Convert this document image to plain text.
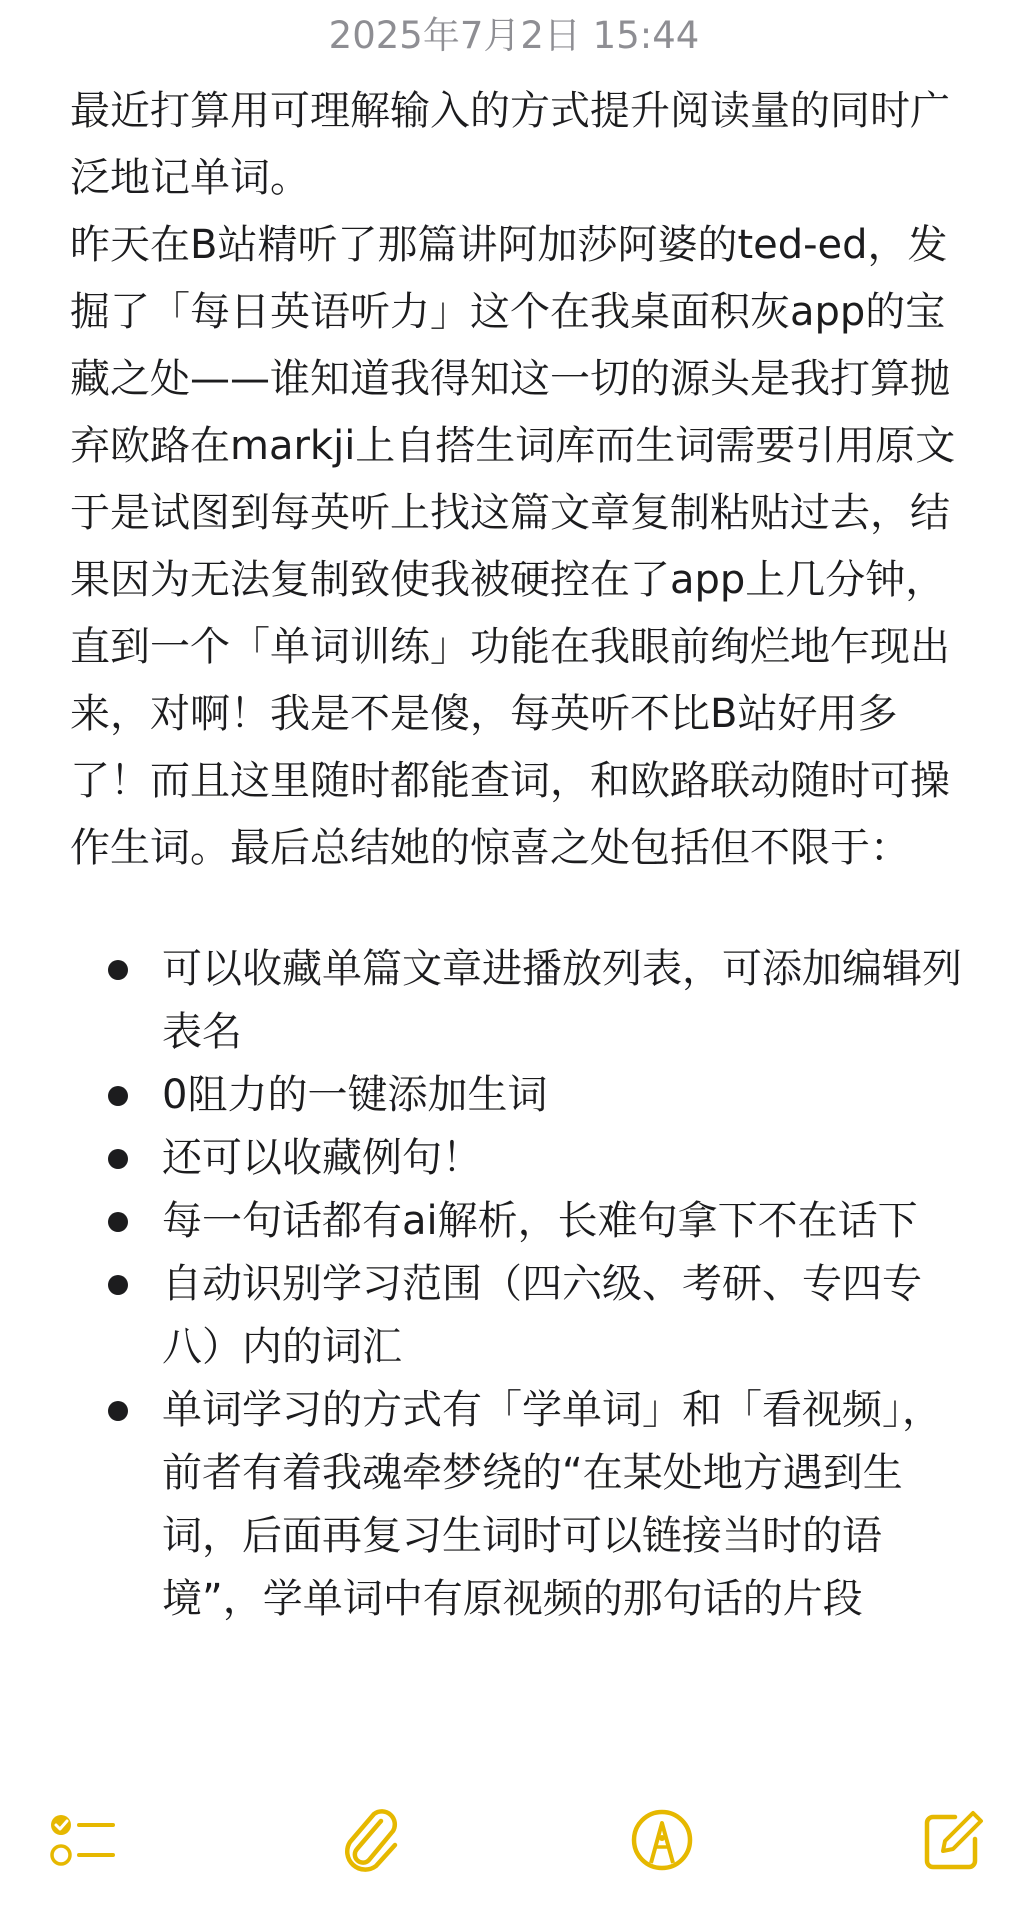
2025年7月2日 15:44

最近打算用可理解输入的方式提升阅读量的同时广泛地记单词。

昨天在B站精听了那篇讲阿加莎阿婆的ted-ed，发掘了「每日英语听力」这个在我桌面积灰app的宝藏之处——谁知道我得知这一切的源头是我打算抛弃欧路在markji上自搭生词库而生词需要引用原文于是试图到每英听上找这篇文章复制粘贴过去，结果因为无法复制致使我被硬控在了app上几分钟，直到一个「单词训练」功能在我眼前绚烂地乍现出来，对啊！我是不是傻，每英听不比B站好用多了！而且这里随时都能查词，和欧路联动随时可操作生词。最后总结她的惊喜之处包括但不限于：

可以收藏单篇文章进播放列表，可添加编辑列表名
0阻力的一键添加生词
还可以收藏例句！
每一句话都有ai解析，长难句拿下不在话下
自动识别学习范围（四六级、考研、专四专八）内的词汇
单词学习的方式有「学单词」和「看视频」，前者有着我魂牵梦绕的“在某处地方遇到生词，后面再复习生词时可以链接当时的语境”，学单词中有原视频的那句话的片段
